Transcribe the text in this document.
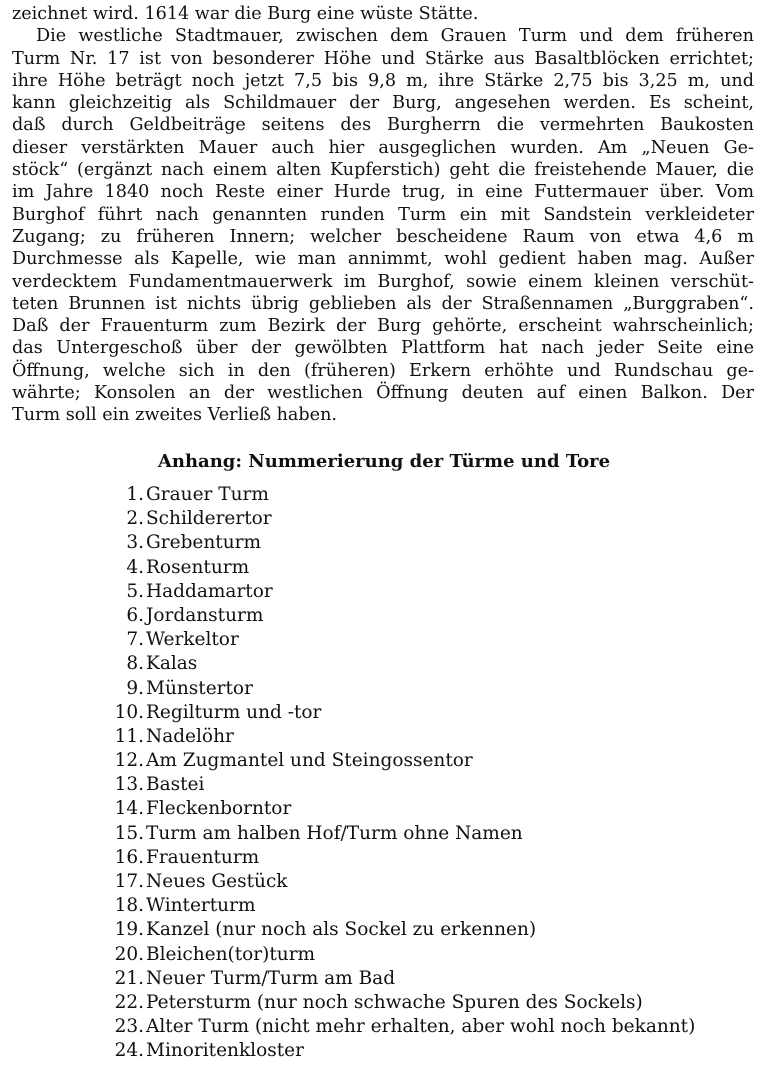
zeichnet wird. 1614 war die Burg eine wüste Stätte.
Die westliche Stadtmauer, zwischen dem Grauen Turm und dem früheren
Turm Nr. 17 ist von besonderer Höhe und Stärke aus Basaltblöcken errichtet;
ihre Höhe beträgt noch jetzt 7,5 bis 9,8 m, ihre Stärke 2,75 bis 3,25 m, und
kann gleichzeitig als Schildmauer der Burg, angesehen werden. Es scheint,
daß durch Geldbeiträge seitens des Burgherrn die vermehrten Baukosten
dieser verstärkten Mauer auch hier ausgeglichen wurden. Am „Neuen Ge-
stöck“ (ergänzt nach einem alten Kupferstich) geht die freistehende Mauer, die
im Jahre 1840 noch Reste einer Hurde trug, in eine Futtermauer über. Vom
Burghof führt nach genannten runden Turm ein mit Sandstein verkleideter
Zugang; zu früheren Innern; welcher bescheidene Raum von etwa 4,6 m
Durchmesse als Kapelle, wie man annimmt, wohl gedient haben mag. Außer
verdecktem Fundamentmauerwerk im Burghof, sowie einem kleinen verschüt-
teten Brunnen ist nichts übrig geblieben als der Straßennamen „Burggraben“.
Daß der Frauenturm zum Bezirk der Burg gehörte, erscheint wahrscheinlich;
das Untergeschoß über der gewölbten Plattform hat nach jeder Seite eine
Öffnung, welche sich in den (früheren) Erkern erhöhte und Rundschau ge-
währte; Konsolen an der westlichen Öffnung deuten auf einen Balkon. Der
Turm soll ein zweites Verließ haben.
Anhang: Nummerierung der Türme und Tore
1. Grauer Turm
2. Schilderertor
3. Grebenturm
4. Rosenturm
5. Haddamartor
6. Jordansturm
7. Werkeltor
8. Kalas
9. Münstertor
10. Regilturm und -tor
11. Nadelöhr
12. Am Zugmantel und Steingossentor
13. Bastei
14. Fleckenborntor
15. Turm am halben Hof/Turm ohne Namen
16. Frauenturm
17. Neues Gestück
18. Winterturm
19. Kanzel (nur noch als Sockel zu erkennen)
20. Bleichen(tor)turm
21. Neuer Turm/Turm am Bad
22. Petersturm (nur noch schwache Spuren des Sockels)
23. Alter Turm (nicht mehr erhalten, aber wohl noch bekannt)
24. Minoritenkloster
